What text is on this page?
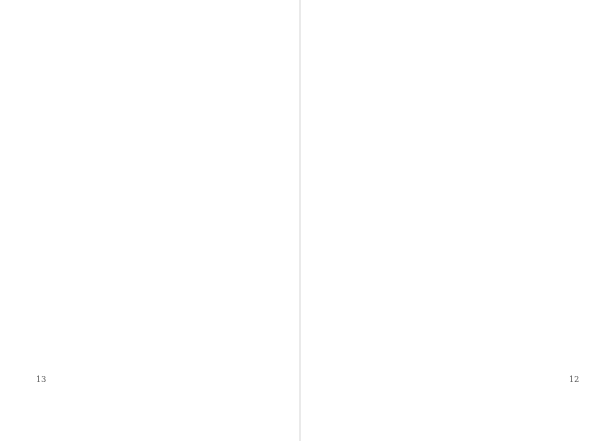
13	12
